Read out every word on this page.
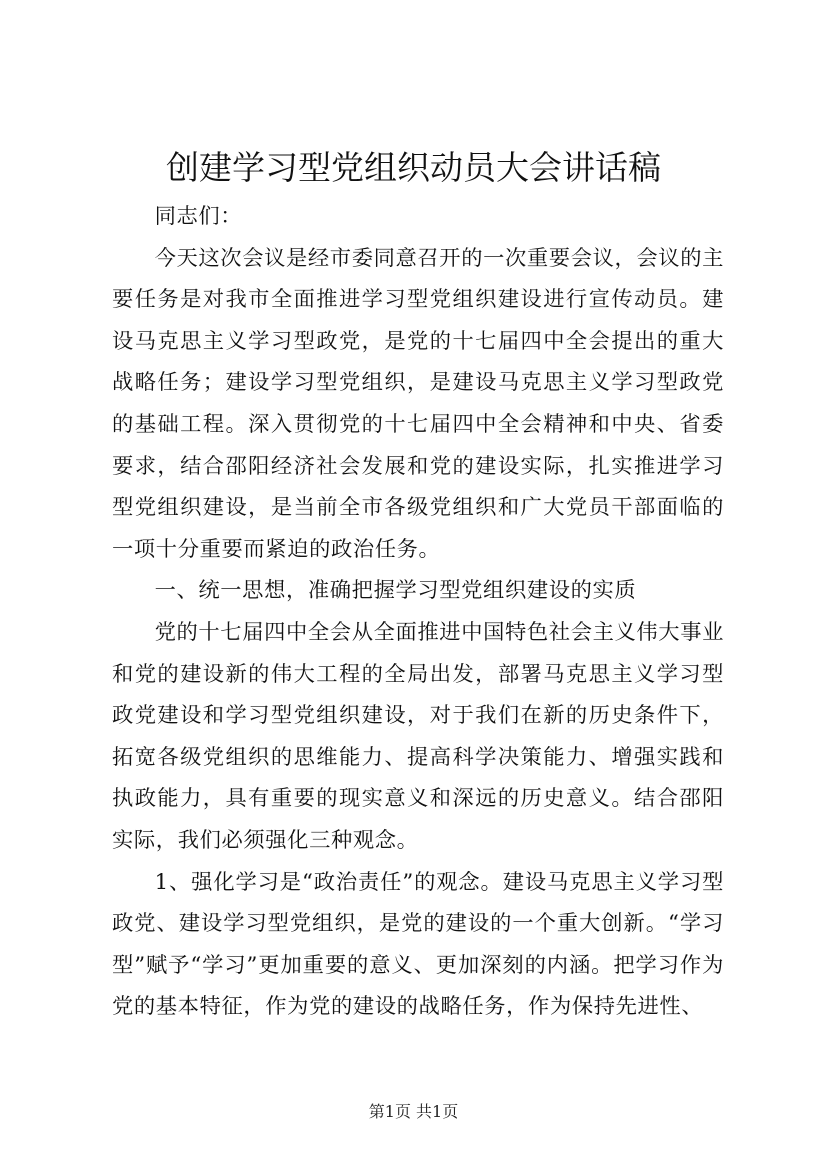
创建学习型党组织动员大会讲话稿

同志们：

今天这次会议是经市委同意召开的一次重要会议，会议的主要任务是对我市全面推进学习型党组织建设进行宣传动员。建设马克思主义学习型政党，是党的十七届四中全会提出的重大战略任务；建设学习型党组织，是建设马克思主义学习型政党的基础工程。深入贯彻党的十七届四中全会精神和中央、省委要求，结合邵阳经济社会发展和党的建设实际，扎实推进学习型党组织建设，是当前全市各级党组织和广大党员干部面临的一项十分重要而紧迫的政治任务。

一、统一思想，准确把握学习型党组织建设的实质

党的十七届四中全会从全面推进中国特色社会主义伟大事业和党的建设新的伟大工程的全局出发，部署马克思主义学习型政党建设和学习型党组织建设，对于我们在新的历史条件下，拓宽各级党组织的思维能力、提高科学决策能力、增强实践和执政能力，具有重要的现实意义和深远的历史意义。结合邵阳实际，我们必须强化三种观念。

1、强化学习是“政治责任”的观念。建设马克思主义学习型政党、建设学习型党组织，是党的建设的一个重大创新。“学习型”赋予“学习”更加重要的意义、更加深刻的内涵。把学习作为党的基本特征，作为党的建设的战略任务，作为保持先进性、

第1页 共1页
